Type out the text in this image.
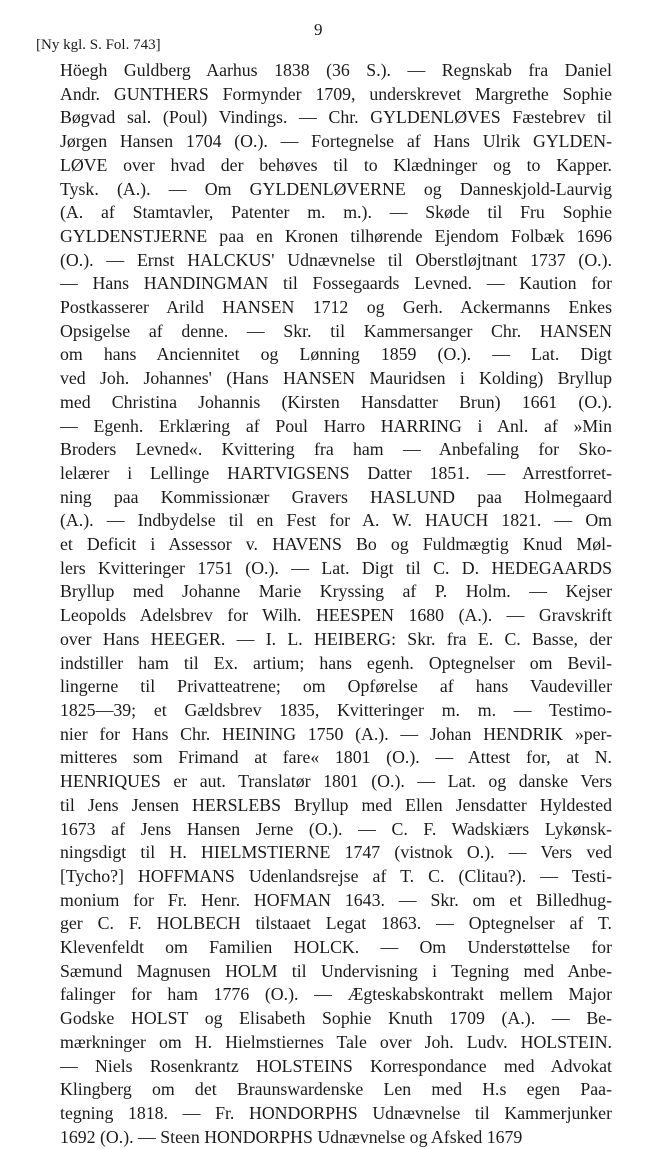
9
[Ny kgl. S. Fol. 743]
Höegh Guldberg Aarhus 1838 (36 S.). — Regnskab fra Daniel
Andr. GUNTHERS Formynder 1709, underskrevet Margrethe Sophie
Bøgvad sal. (Poul) Vindings. — Chr. GYLDENLØVES Fæstebrev til
Jørgen Hansen 1704 (O.). — Fortegnelse af Hans Ulrik GYLDEN-
LØVE over hvad der behøves til to Klædninger og to Kapper.
Tysk. (A.). — Om GYLDENLØVERNE og Danneskjold-Laurvig
(A. af Stamtavler, Patenter m. m.). — Skøde til Fru Sophie
GYLDENSTJERNE paa en Kronen tilhørende Ejendom Folbæk 1696
(O.). — Ernst HALCKUS' Udnævnelse til Oberstløjtnant 1737 (O.).
— Hans HANDINGMAN til Fossegaards Levned. — Kaution for
Postkasserer Arild HANSEN 1712 og Gerh. Ackermanns Enkes
Opsigelse af denne. — Skr. til Kammersanger Chr. HANSEN
om hans Anciennitet og Lønning 1859 (O.). — Lat. Digt
ved Joh. Johannes' (Hans HANSEN Mauridsen i Kolding) Bryllup
med Christina Johannis (Kirsten Hansdatter Brun) 1661 (O.).
— Egenh. Erklæring af Poul Harro HARRING i Anl. af »Min
Broders Levned«. Kvittering fra ham — Anbefaling for Sko-
lelærer i Lellinge HARTVIGSENS Datter 1851. — Arrestforret-
ning paa Kommissionær Gravers HASLUND paa Holmegaard
(A.). — Indbydelse til en Fest for A. W. HAUCH 1821. — Om
et Deficit i Assessor v. HAVENS Bo og Fuldmægtig Knud Møl-
lers Kvitteringer 1751 (O.). — Lat. Digt til C. D. HEDEGAARDS
Bryllup med Johanne Marie Kryssing af P. Holm. — Kejser
Leopolds Adelsbrev for Wilh. HEESPEN 1680 (A.). — Gravskrift
over Hans HEEGER. — I. L. HEIBERG: Skr. fra E. C. Basse, der
indstiller ham til Ex. artium; hans egenh. Optegnelser om Bevil-
lingerne til Privatteatrene; om Opførelse af hans Vaudeviller
1825—39; et Gældsbrev 1835, Kvitteringer m. m. — Testimo-
nier for Hans Chr. HEINING 1750 (A.). — Johan HENDRIK »per-
mitteres som Frimand at fare« 1801 (O.). — Attest for, at N.
HENRIQUES er aut. Translatør 1801 (O.). — Lat. og danske Vers
til Jens Jensen HERSLEBS Bryllup med Ellen Jensdatter Hyldested
1673 af Jens Hansen Jerne (O.). — C. F. Wadskiærs Lykønsk-
ningsdigt til H. HIELMSTIERNE 1747 (vistnok O.). — Vers ved
[Tycho?] HOFFMANS Udenlandsrejse af T. C. (Clitau?). — Testi-
monium for Fr. Henr. HOFMAN 1643. — Skr. om et Billedhug-
ger C. F. HOLBECH tilstaaet Legat 1863. — Optegnelser af T.
Klevenfeldt om Familien HOLCK. — Om Understøttelse for
Sæmund Magnusen HOLM til Undervisning i Tegning med Anbe-
falinger for ham 1776 (O.). — Ægteskabskontrakt mellem Major
Godske HOLST og Elisabeth Sophie Knuth 1709 (A.). — Be-
mærkninger om H. Hielmstiernes Tale over Joh. Ludv. HOLSTEIN.
— Niels Rosenkrantz HOLSTEINS Korrespondance med Advokat
Klingberg om det Braunswardenske Len med H.s egen Paa-
tegning 1818. — Fr. HONDORPHS Udnævnelse til Kammerjunker
1692 (O.). — Steen HONDORPHS Udnævnelse og Afsked 1679
